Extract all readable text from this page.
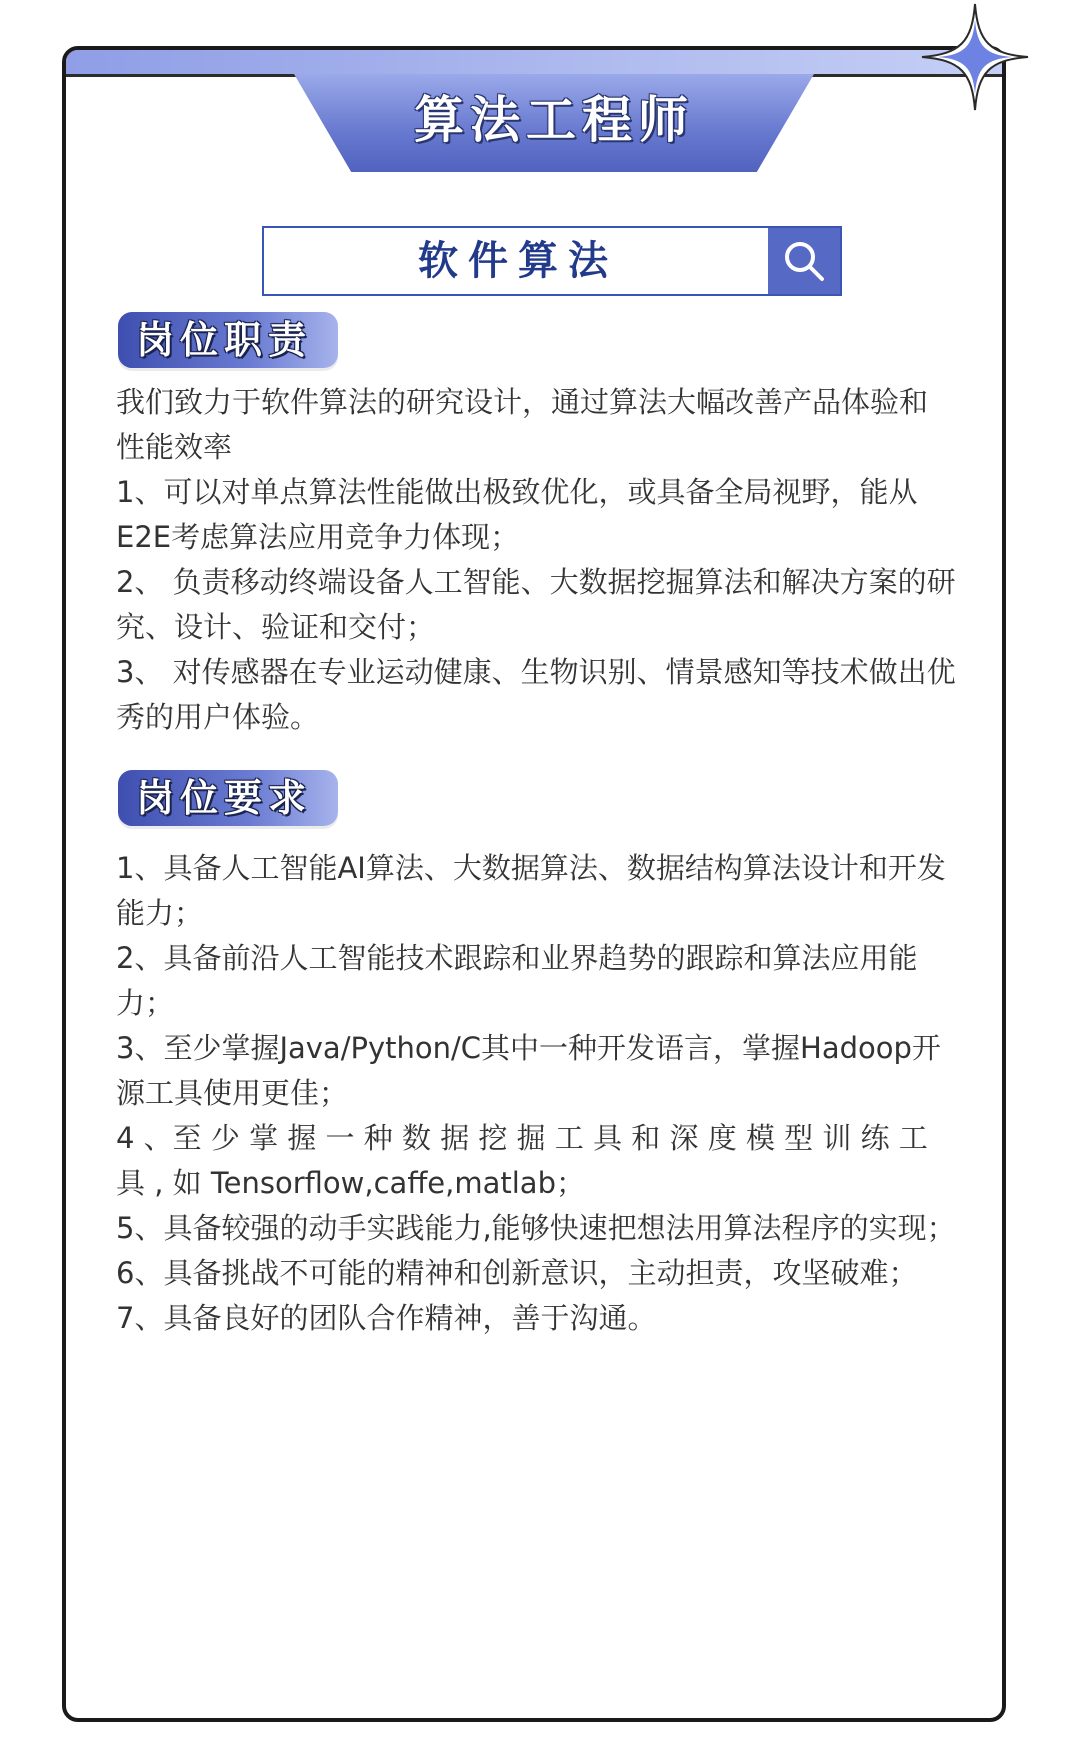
算法工程师
软件算法
岗位职责

我们致力于软件算法的研究设计，通过算法大幅改善产品体验和性能效率

1、可以对单点算法性能做出极致优化，或具备全局视野，能从E2E考虑算法应用竞争力体现；

2、 负责移动终端设备人工智能、大数据挖掘算法和解决方案的研究、设计、验证和交付；

3、 对传感器在专业运动健康、生物识别、情景感知等技术做出优秀的用户体验。

岗位要求

1、具备人工智能AI算法、大数据算法、数据结构算法设计和开发能力；

2、具备前沿人工智能技术跟踪和业界趋势的跟踪和算法应用能力；

3、至少掌握Java/Python/C其中一种开发语言，掌握Hadoop开源工具使用更佳；

4 、至 少 掌 握 一 种 数 据 挖 掘 工 具 和 深 度 模 型 训 练 工 具 , 如 Tensorflow,caffe,matlab；

5、具备较强的动手实践能力,能够快速把想法用算法程序的实现；

6、具备挑战不可能的精神和创新意识，主动担责，攻坚破难；

7、具备良好的团队合作精神，善于沟通。
